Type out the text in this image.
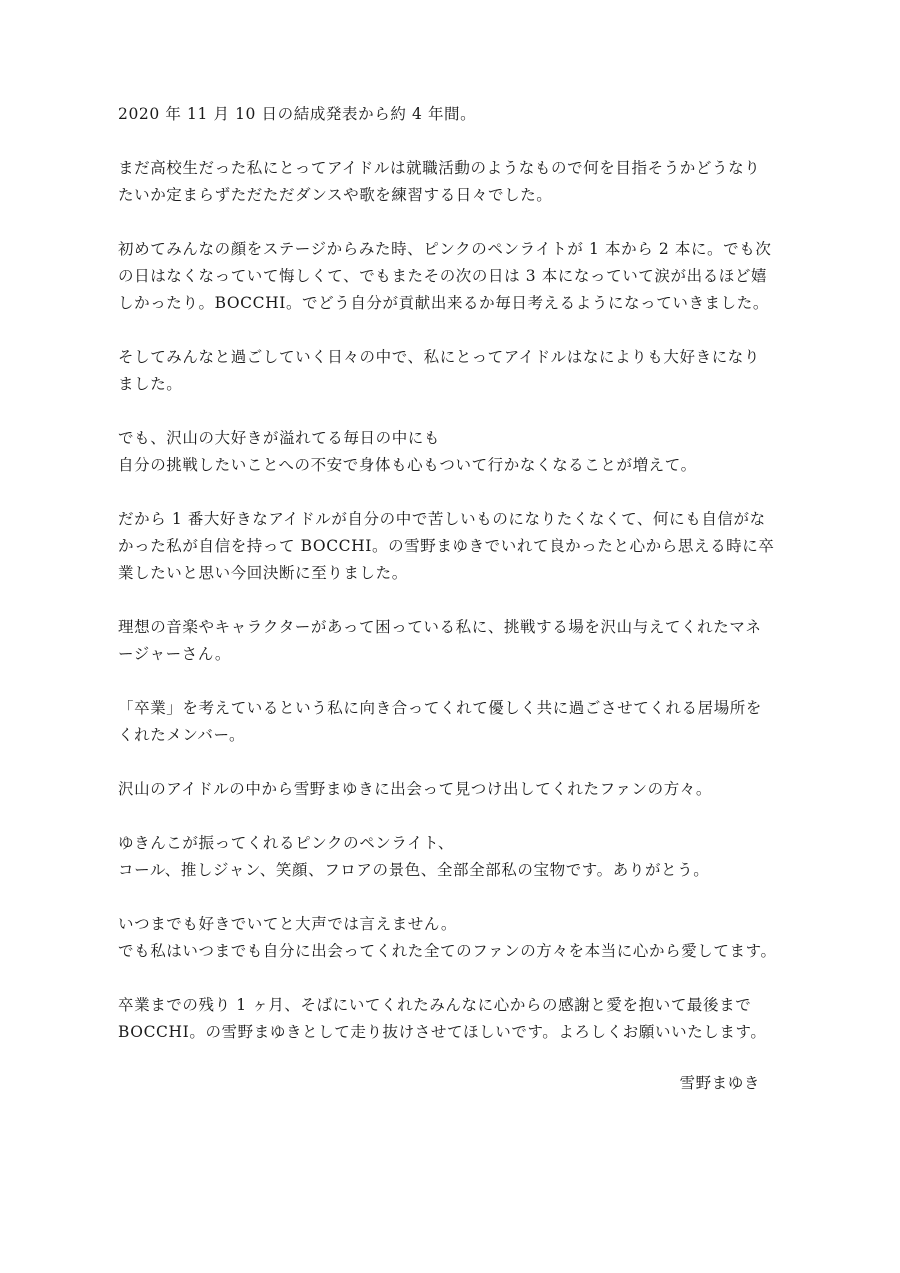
2020 年 11 月 10 日の結成発表から約 4 年間。

まだ高校生だった私にとってアイドルは就職活動のようなもので何を目指そうかどうなり
たいか定まらずただただダンスや歌を練習する日々でした。

初めてみんなの顔をステージからみた時、ピンクのペンライトが 1 本から 2 本に。でも次
の日はなくなっていて悔しくて、でもまたその次の日は 3 本になっていて涙が出るほど嬉
しかったり。BOCCHI。でどう自分が貢献出来るか毎日考えるようになっていきました。

そしてみんなと過ごしていく日々の中で、私にとってアイドルはなによりも大好きになり
ました。

でも、沢山の大好きが溢れてる毎日の中にも
自分の挑戦したいことへの不安で身体も心もついて行かなくなることが増えて。

だから 1 番大好きなアイドルが自分の中で苦しいものになりたくなくて、何にも自信がな
かった私が自信を持って BOCCHI。の雪野まゆきでいれて良かったと心から思える時に卒
業したいと思い今回決断に至りました。

理想の音楽やキャラクターがあって困っている私に、挑戦する場を沢山与えてくれたマネ
ージャーさん。

「卒業」を考えているという私に向き合ってくれて優しく共に過ごさせてくれる居場所を
くれたメンバー。

沢山のアイドルの中から雪野まゆきに出会って見つけ出してくれたファンの方々。

ゆきんこが振ってくれるピンクのペンライト、
コール、推しジャン、笑顔、フロアの景色、全部全部私の宝物です。ありがとう。

いつまでも好きでいてと大声では言えません。
でも私はいつまでも自分に出会ってくれた全てのファンの方々を本当に心から愛してます。

卒業までの残り 1 ヶ月、そばにいてくれたみんなに心からの感謝と愛を抱いて最後まで
BOCCHI。の雪野まゆきとして走り抜けさせてほしいです。よろしくお願いいたします。

雪野まゆき
